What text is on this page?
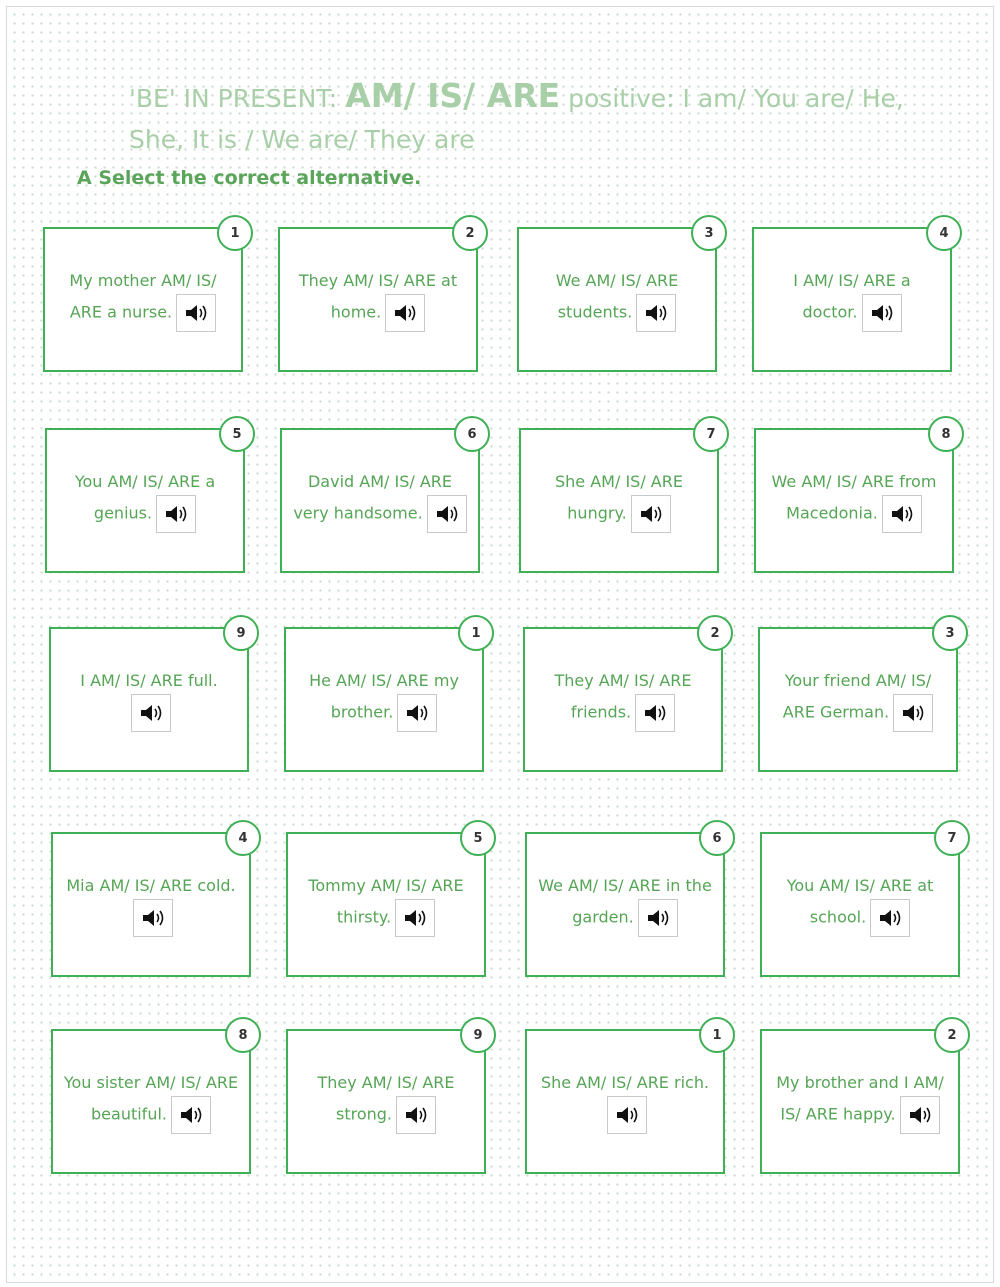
'BE' IN PRESENT: AM/ IS/ ARE positive: I am/ You are/ He, She, It is / We are/ They are
A Select the correct alternative.
1
My mother AM/ IS/ ARE a nurse.
2
They AM/ IS/ ARE at home.
3
We AM/ IS/ ARE students.
4
I AM/ IS/ ARE a doctor.
5
You AM/ IS/ ARE a genius.
6
David AM/ IS/ ARE very handsome.
7
She AM/ IS/ ARE hungry.
8
We AM/ IS/ ARE from Macedonia.
9
I AM/ IS/ ARE full.
1
He AM/ IS/ ARE my brother.
2
They AM/ IS/ ARE friends.
3
Your friend AM/ IS/ ARE German.
4
Mia AM/ IS/ ARE cold.
5
Tommy AM/ IS/ ARE thirsty.
6
We AM/ IS/ ARE in the garden.
7
You AM/ IS/ ARE at school.
8
You sister AM/ IS/ ARE beautiful.
9
They AM/ IS/ ARE strong.
1
She AM/ IS/ ARE rich.
2
My brother and I AM/ IS/ ARE happy.
